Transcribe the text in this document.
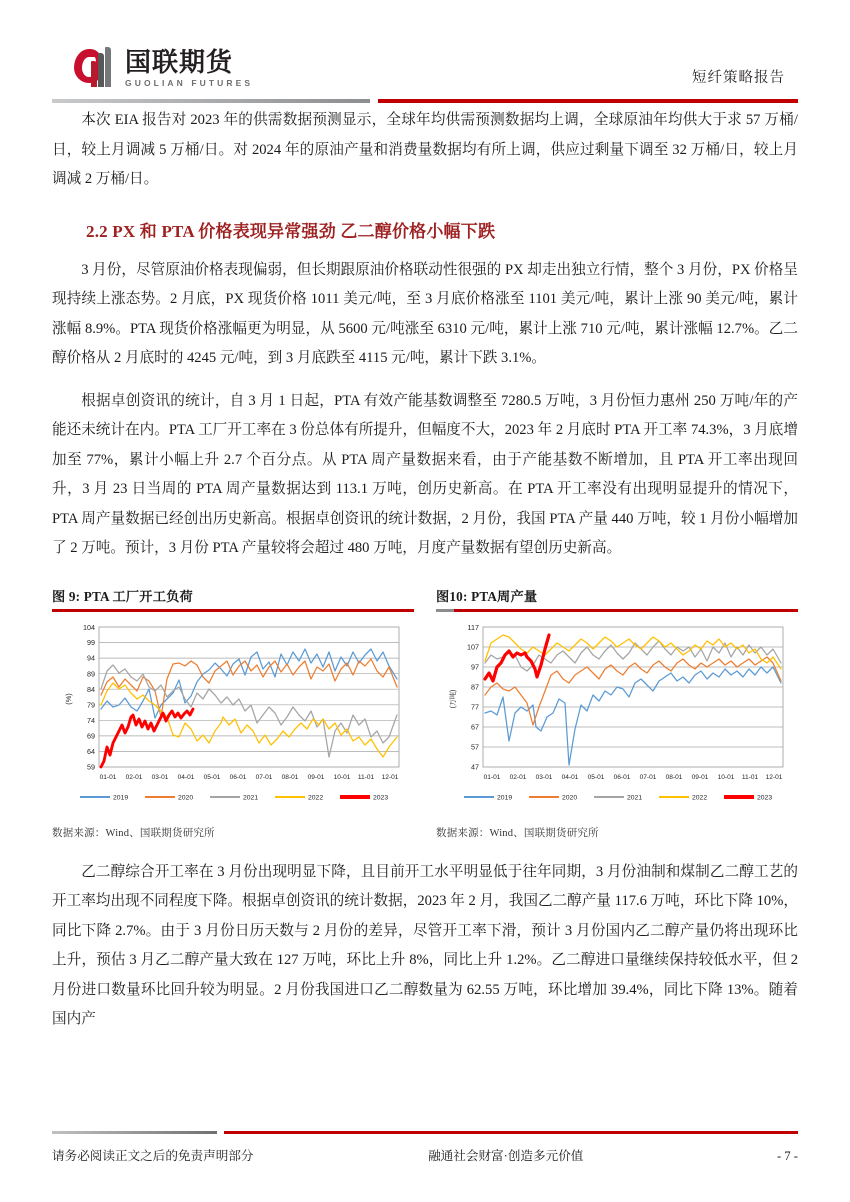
国联期货
GUOLIAN FUTURES	短纤策略报告

本次 EIA 报告对 2023 年的供需数据预测显示，全球年均供需预测数据均上调，全球原油年均供大于求 57 万桶/日，较上月调减 5 万桶/日。对 2024 年的原油产量和消费量数据均有所上调，供应过剩量下调至 32 万桶/日，较上月调减 2 万桶/日。

2.2 PX 和 PTA 价格表现异常强劲 乙二醇价格小幅下跌

3 月份，尽管原油价格表现偏弱，但长期跟原油价格联动性很强的 PX 却走出独立行情，整个 3 月份，PX 价格呈现持续上涨态势。2 月底，PX 现货价格 1011 美元/吨，至 3 月底价格涨至 1101 美元/吨，累计上涨 90 美元/吨，累计涨幅 8.9%。PTA 现货价格涨幅更为明显，从 5600 元/吨涨至 6310 元/吨，累计上涨 710 元/吨，累计涨幅 12.7%。乙二醇价格从 2 月底时的 4245 元/吨，到 3 月底跌至 4115 元/吨，累计下跌 3.1%。

根据卓创资讯的统计，自 3 月 1 日起，PTA 有效产能基数调整至 7280.5 万吨，3 月份恒力惠州 250 万吨/年的产能还未统计在内。PTA 工厂开工率在 3 份总体有所提升，但幅度不大，2023 年 2 月底时 PTA 开工率 74.3%，3 月底增加至 77%，累计小幅上升 2.7 个百分点。从 PTA 周产量数据来看，由于产能基数不断增加，且 PTA 开工率出现回升，3 月 23 日当周的 PTA 周产量数据达到 113.1 万吨，创历史新高。在 PTA 开工率没有出现明显提升的情况下，PTA 周产量数据已经创出历史新高。根据卓创资讯的统计数据，2 月份，我国 PTA 产量 440 万吨，较 1 月份小幅增加了 2 万吨。预计，3 月份 PTA 产量较将会超过 480 万吨，月度产量数据有望创历史新高。

图 9: PTA 工厂开工负荷
104
99
94
89
84
79
74
69
64
59
(%)
01-01 02-01 03-01 04-01 05-01 06-01 07-01 08-01 09-01 10-01 11-01 12-01
2019	2020	2021	2022	2023
数据来源：Wind、国联期货研究所
图10: PTA周产量
117
107
97
87
77
67
57
47
(万吨)
01-01 02-01 03-01 04-01 05-01 06-01 07-01 08-01 09-01 10-01 11-01 12-01
2019	2020	2021	2022	2023
数据来源：Wind、国联期货研究所

乙二醇综合开工率在 3 月份出现明显下降，且目前开工水平明显低于往年同期，3 月份油制和煤制乙二醇工艺的开工率均出现不同程度下降。根据卓创资讯的统计数据，2023 年 2 月，我国乙二醇产量 117.6 万吨，环比下降 10%，同比下降 2.7%。由于 3 月份日历天数与 2 月份的差异，尽管开工率下滑，预计 3 月份国内乙二醇产量仍将出现环比上升，预估 3 月乙二醇产量大致在 127 万吨，环比上升 8%，同比上升 1.2%。乙二醇进口量继续保持较低水平，但 2 月份进口数量环比回升较为明显。2 月份我国进口乙二醇数量为 62.55 万吨，环比增加 39.4%，同比下降 13%。随着国内产

请务必阅读正文之后的免责声明部分	融通社会财富·创造多元价值	- 7 -
